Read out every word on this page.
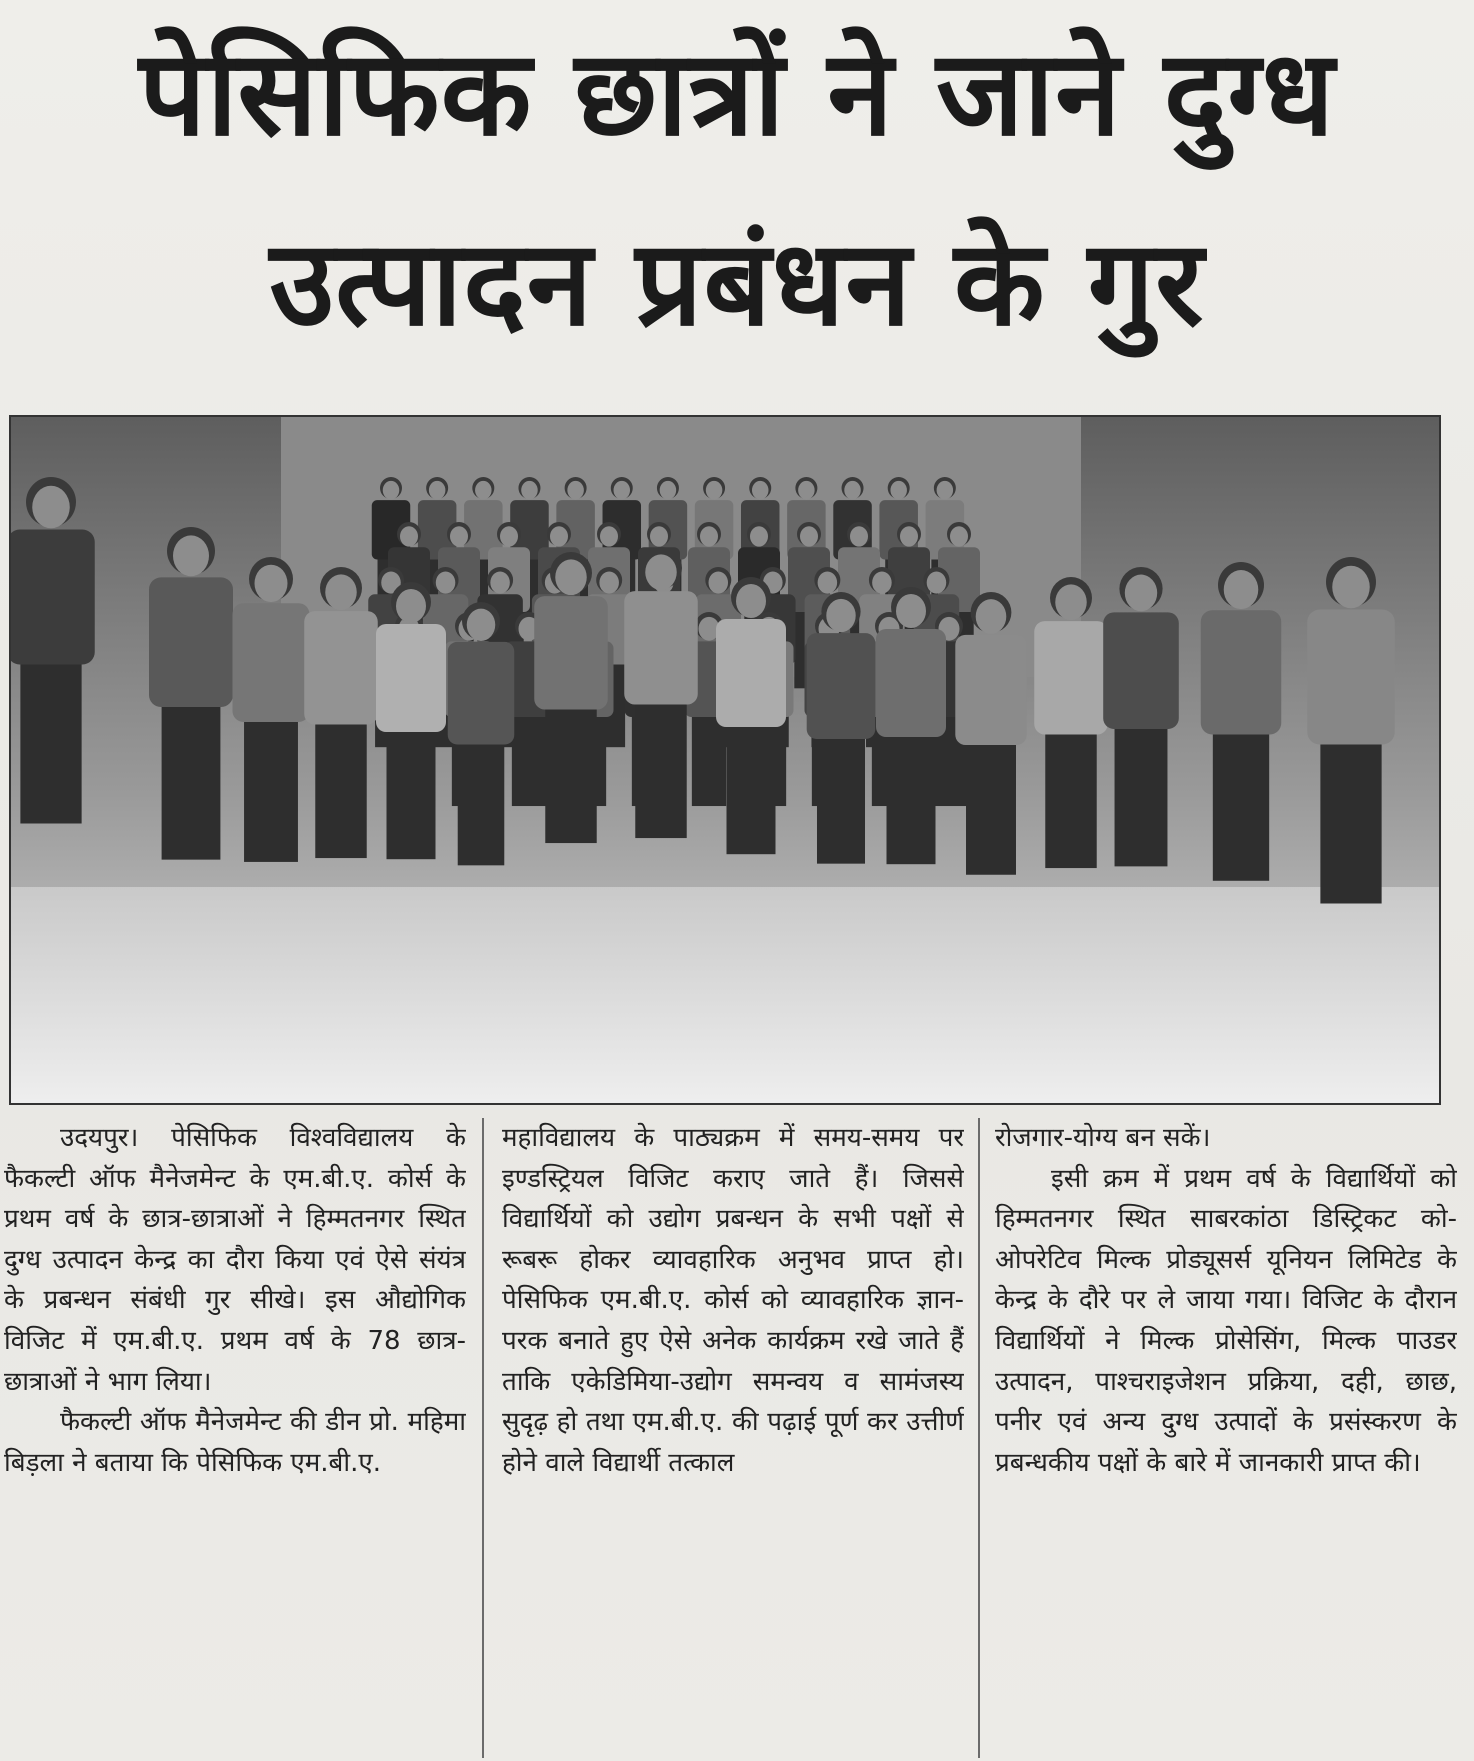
पेसिफिक छात्रों ने जाने दुग्ध
उत्पादन प्रबंधन के गुर

उदयपुर। पेसिफिक विश्वविद्यालय के फैकल्टी ऑफ मैनेजमेन्ट के एम.बी.ए. कोर्स के प्रथम वर्ष के छात्र-छात्राओं ने हिम्मतनगर स्थित दुग्ध उत्पादन केन्द्र का दौरा किया एवं ऐसे संयंत्र के प्रबन्धन संबंधी गुर सीखे। इस औद्योगिक विजिट में एम.बी.ए. प्रथम वर्ष के 78 छात्र-छात्राओं ने भाग लिया।

फैकल्टी ऑफ मैनेजमेन्ट की डीन प्रो. महिमा बिड़ला ने बताया कि पेसिफिक एम.बी.ए.

महाविद्यालय के पाठ्यक्रम में समय-समय पर इण्डस्ट्रियल विजिट कराए जाते हैं। जिससे विद्यार्थियों को उद्योग प्रबन्धन के सभी पक्षों से रूबरू होकर व्यावहारिक अनुभव प्राप्त हो। पेसिफिक एम.बी.ए. कोर्स को व्यावहारिक ज्ञान-परक बनाते हुए ऐसे अनेक कार्यक्रम रखे जाते हैं ताकि एकेडिमिया-उद्योग समन्वय व सामंजस्य सुदृढ़ हो तथा एम.बी.ए. की पढ़ाई पूर्ण कर उत्तीर्ण होने वाले विद्यार्थी तत्काल

रोजगार-योग्य बन सकें।

इसी क्रम में प्रथम वर्ष के विद्यार्थियों को हिम्मतनगर स्थित साबरकांठा डिस्ट्रिकट को-ओपरेटिव मिल्क प्रोड्यूसर्स यूनियन लिमिटेड के केन्द्र के दौरे पर ले जाया गया। विजिट के दौरान विद्यार्थियों ने मिल्क प्रोसेसिंग, मिल्क पाउडर उत्पादन, पाश्चराइजेशन प्रक्रिया, दही, छाछ, पनीर एवं अन्य दुग्ध उत्पादों के प्रसंस्करण के प्रबन्धकीय पक्षों के बारे में जानकारी प्राप्त की।
